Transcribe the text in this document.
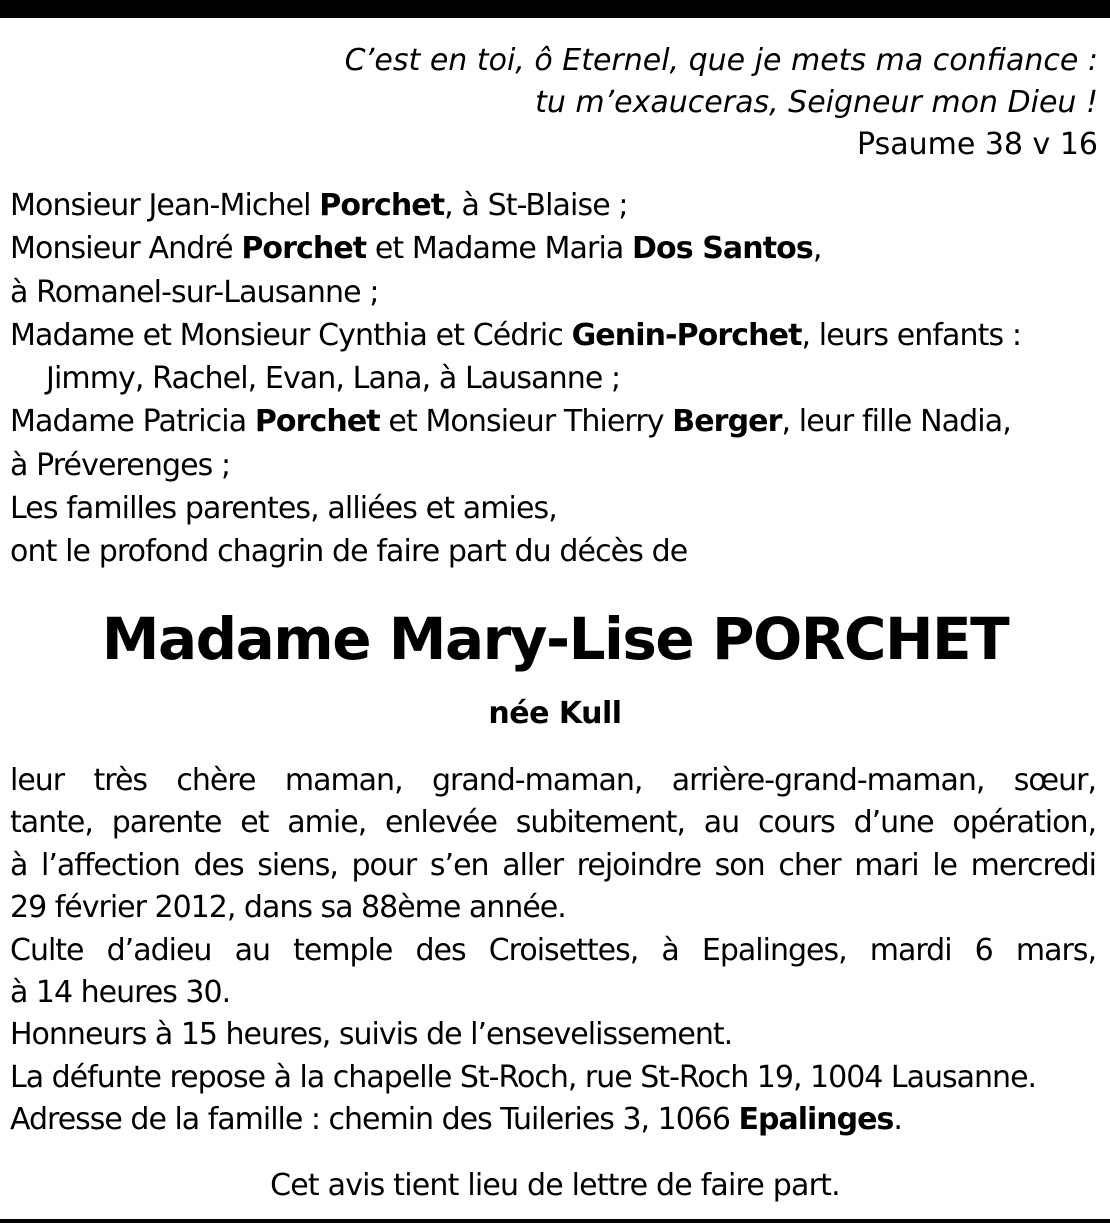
C’est en toi, ô Eternel, que je mets ma confiance :
tu m’exauceras, Seigneur mon Dieu !
Psaume 38 v 16
Monsieur Jean-Michel Porchet, à St-Blaise ;
Monsieur André Porchet et Madame Maria Dos Santos,
à Romanel-sur-Lausanne ;
Madame et Monsieur Cynthia et Cédric Genin-Porchet, leurs enfants :
Jimmy, Rachel, Evan, Lana, à Lausanne ;
Madame Patricia Porchet et Monsieur Thierry Berger, leur fille Nadia,
à Préverenges ;
Les familles parentes, alliées et amies,
ont le profond chagrin de faire part du décès de
Madame Mary-Lise PORCHET
née Kull
leur très chère maman, grand-maman, arrière-grand-maman, sœur,
tante, parente et amie, enlevée subitement, au cours d’une opération,
à l’affection des siens, pour s’en aller rejoindre son cher mari le mercredi
29 février 2012, dans sa 88ème année.
Culte d’adieu au temple des Croisettes, à Epalinges, mardi 6 mars,
à 14 heures 30.
Honneurs à 15 heures, suivis de l’ensevelissement.
La défunte repose à la chapelle St-Roch, rue St-Roch 19, 1004 Lausanne.
Adresse de la famille : chemin des Tuileries 3, 1066 Epalinges.
Cet avis tient lieu de lettre de faire part.
